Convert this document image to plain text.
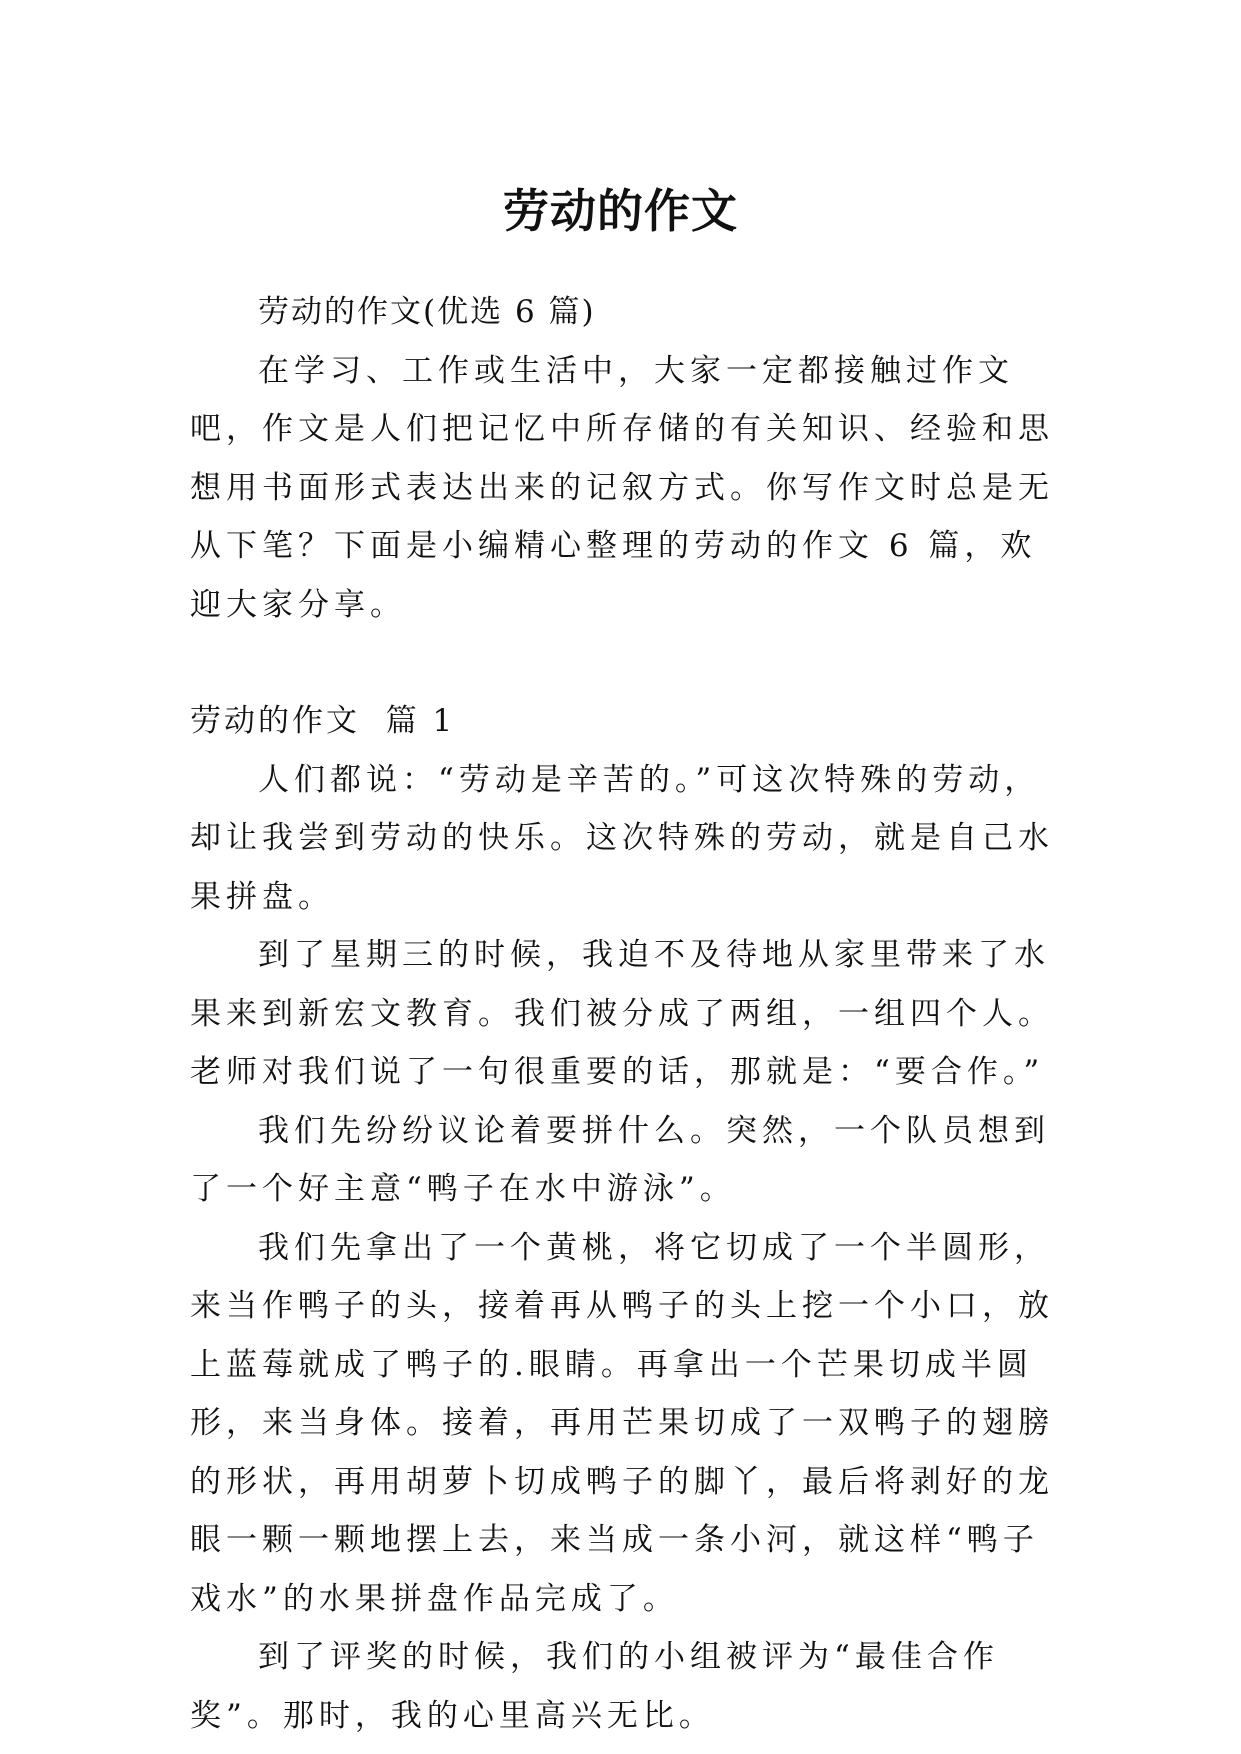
劳动的作文

劳动的作文(优选 6 篇)

在学习、工作或生活中，大家一定都接触过作文吧，作文是人们把记忆中所存储的有关知识、经验和思想用书面形式表达出来的记叙方式。你写作文时总是无从下笔？下面是小编精心整理的劳动的作文 6 篇，欢迎大家分享。

劳动的作文  篇 1

人们都说：“劳动是辛苦的。”可这次特殊的劳动，却让我尝到劳动的快乐。这次特殊的劳动，就是自己水果拼盘。

到了星期三的时候，我迫不及待地从家里带来了水果来到新宏文教育。我们被分成了两组，一组四个人。老师对我们说了一句很重要的话，那就是：“要合作。”

我们先纷纷议论着要拼什么。突然，一个队员想到了一个好主意“鸭子在水中游泳”。

我们先拿出了一个黄桃，将它切成了一个半圆形，来当作鸭子的头，接着再从鸭子的头上挖一个小口，放上蓝莓就成了鸭子的.眼睛。再拿出一个芒果切成半圆形，来当身体。接着，再用芒果切成了一双鸭子的翅膀的形状，再用胡萝卜切成鸭子的脚丫，最后将剥好的龙眼一颗一颗地摆上去，来当成一条小河，就这样“鸭子戏水”的水果拼盘作品完成了。

到了评奖的时候，我们的小组被评为“最佳合作奖”。那时，我的心里高兴无比。
